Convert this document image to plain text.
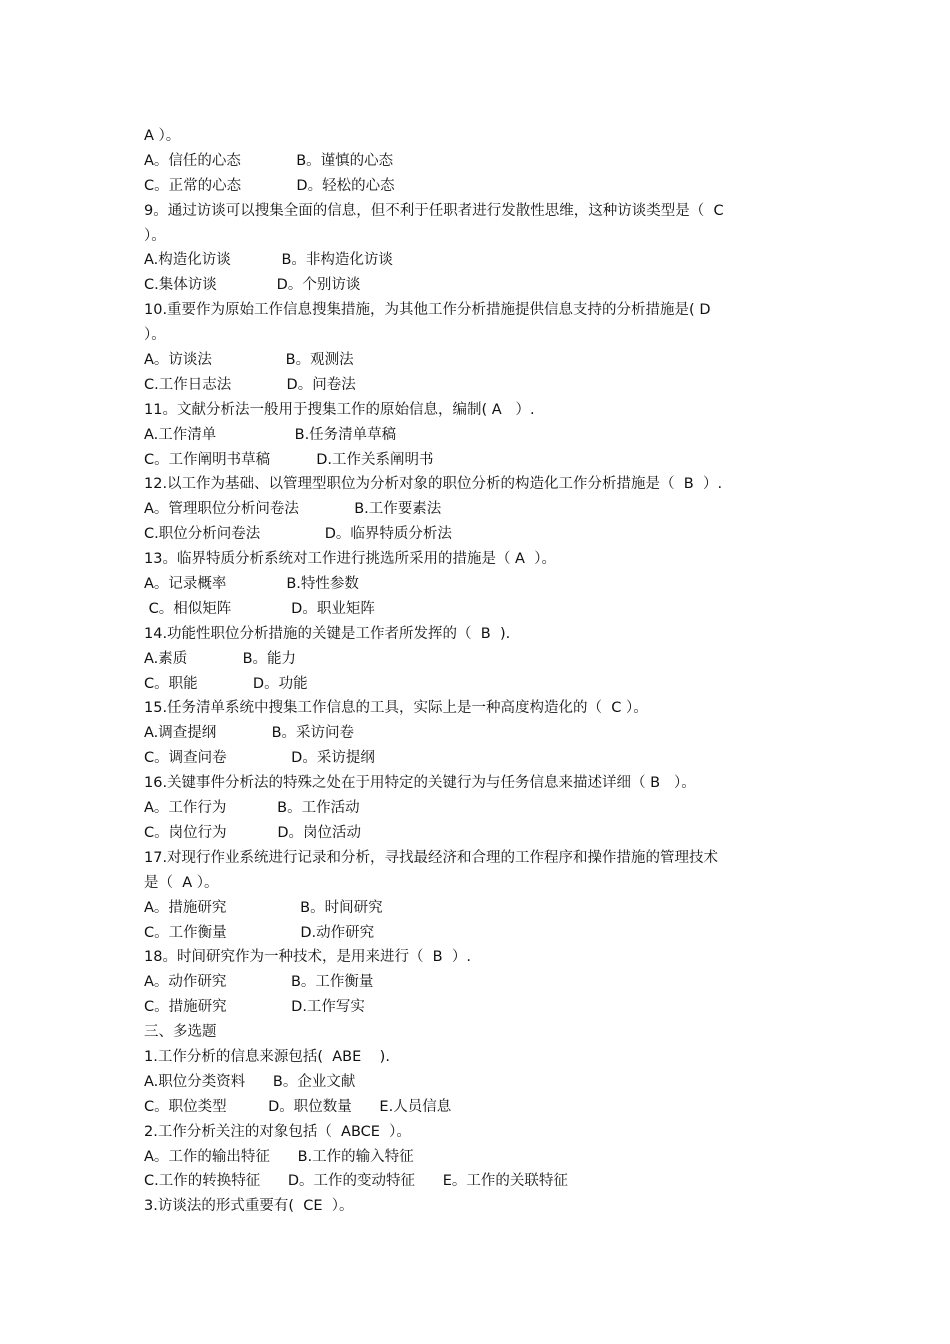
A ）。
A。信任的心态            B。谨慎的心态
C。正常的心态            D。轻松的心态
9。通过访谈可以搜集全面的信息，但不利于任职者进行发散性思维，这种访谈类型是（  C
）。
A.构造化访谈           B。非构造化访谈
C.集体访谈             D。个别访谈
10.重要作为原始工作信息搜集措施，为其他工作分析措施提供信息支持的分析措施是( D
）。
A。访谈法                B。观测法
C.工作日志法            D。问卷法
11。文献分析法一般用于搜集工作的原始信息，编制( A   ）.
A.工作清单                 B.任务清单草稿
C。工作阐明书草稿          D.工作关系阐明书
12.以工作为基础、以管理型职位为分析对象的职位分析的构造化工作分析措施是（  B  ）.
A。管理职位分析问卷法            B.工作要素法
C.职位分析问卷法              D。临界特质分析法
13。临界特质分析系统对工作进行挑选所采用的措施是（ A  ）。
A。记录概率             B.特性参数
C。相似矩阵             D。职业矩阵
14.功能性职位分析措施的关键是工作者所发挥的（  B  ).
A.素质            B。能力
C。职能            D。功能
15.任务清单系统中搜集工作信息的工具，实际上是一种高度构造化的（  C ）。
A.调查提纲            B。采访问卷
C。调查问卷              D。采访提纲
16.关键事件分析法的特殊之处在于用特定的关键行为与任务信息来描述详细（ B   ）。
A。工作行为           B。工作活动
C。岗位行为           D。岗位活动
17.对现行作业系统进行记录和分析，寻找最经济和合理的工作程序和操作措施的管理技术
是（  A ）。
A。措施研究                B。时间研究
C。工作衡量                D.动作研究
18。时间研究作为一种技术，是用来进行（  B  ）.
A。动作研究              B。工作衡量
C。措施研究              D.工作写实
三、多选题
1.工作分析的信息来源包括(  ABE    ).
A.职位分类资料      B。企业文献
C。职位类型         D。职位数量      E.人员信息
2.工作分析关注的对象包括（  ABCE  ）。
A。工作的输出特征      B.工作的输入特征
C.工作的转换特征      D。工作的变动特征      E。工作的关联特征
3.访谈法的形式重要有(  CE  ）。
